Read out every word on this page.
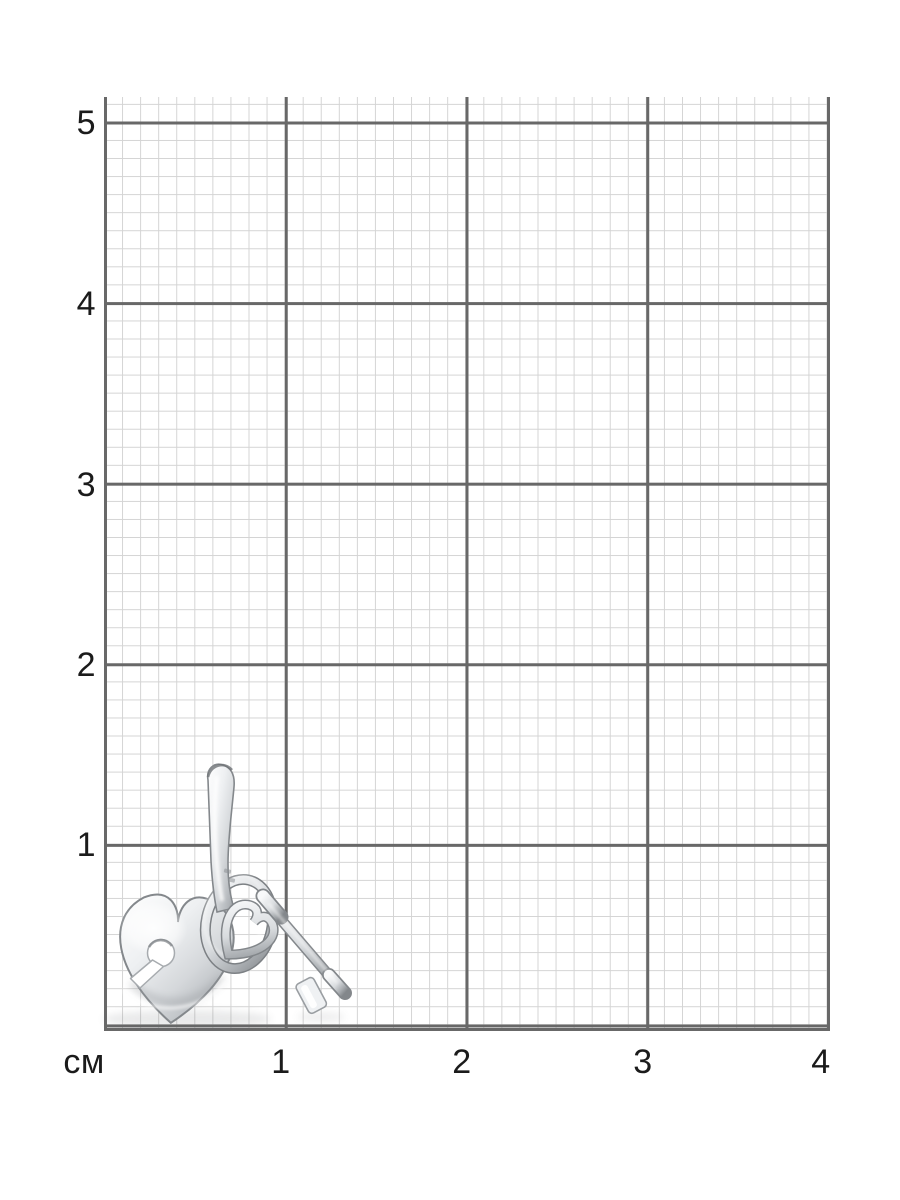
5
4
3
2
1
см	1	2	3	4
